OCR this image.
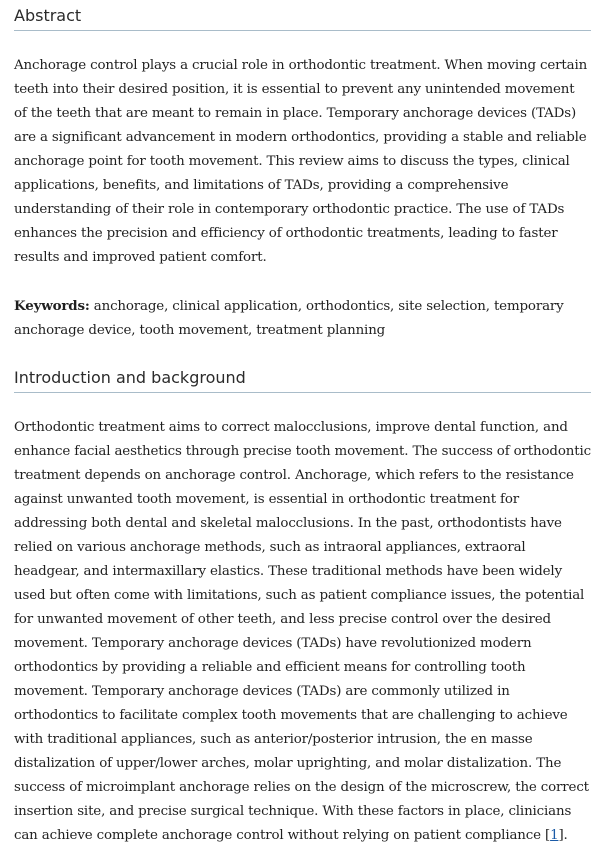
Abstract

Anchorage control plays a crucial role in orthodontic treatment. When moving certain teeth into their desired position, it is essential to prevent any unintended movement of the teeth that are meant to remain in place. Temporary anchorage devices (TADs) are a significant advancement in modern orthodontics, providing a stable and reliable anchorage point for tooth movement. This review aims to discuss the types, clinical applications, benefits, and limitations of TADs, providing a comprehensive understanding of their role in contemporary orthodontic practice. The use of TADs enhances the precision and efficiency of orthodontic treatments, leading to faster results and improved patient comfort.

Keywords: anchorage, clinical application, orthodontics, site selection, temporary anchorage device, tooth movement, treatment planning

Introduction and background

Orthodontic treatment aims to correct malocclusions, improve dental function, and enhance facial aesthetics through precise tooth movement. The success of orthodontic treatment depends on anchorage control. Anchorage, which refers to the resistance against unwanted tooth movement, is essential in orthodontic treatment for addressing both dental and skeletal malocclusions. In the past, orthodontists have relied on various anchorage methods, such as intraoral appliances, extraoral headgear, and intermaxillary elastics. These traditional methods have been widely used but often come with limitations, such as patient compliance issues, the potential for unwanted movement of other teeth, and less precise control over the desired movement. Temporary anchorage devices (TADs) have revolutionized modern orthodontics by providing a reliable and efficient means for controlling tooth movement. Temporary anchorage devices (TADs) are commonly utilized in orthodontics to facilitate complex tooth movements that are challenging to achieve with traditional appliances, such as anterior/posterior intrusion, the en masse distalization of upper/lower arches, molar uprighting, and molar distalization. The success of microimplant anchorage relies on the design of the microscrew, the correct insertion site, and precise surgical technique. With these factors in place, clinicians can achieve complete anchorage control without relying on patient compliance [1].
